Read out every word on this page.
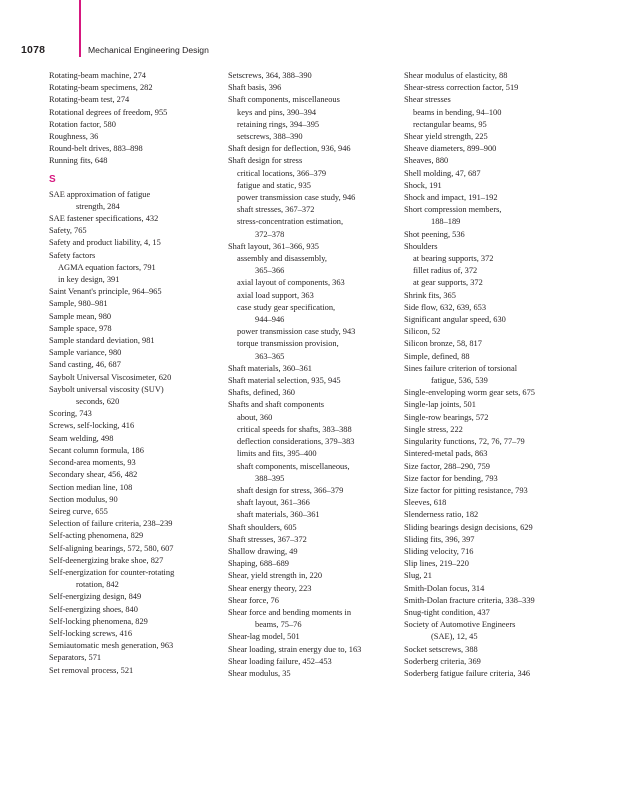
1078	Mechanical Engineering Design
Rotating-beam machine, 274
Rotating-beam specimens, 282
Rotating-beam test, 274
Rotational degrees of freedom, 955
Rotation factor, 580
Roughness, 36
Round-belt drives, 883–898
Running fits, 648
S
SAE approximation of fatigue
strength, 284
SAE fastener specifications, 432
Safety, 765
Safety and product liability, 4, 15
Safety factors
AGMA equation factors, 791
in key design, 391
Saint Venant's principle, 964–965
Sample, 980–981
Sample mean, 980
Sample space, 978
Sample standard deviation, 981
Sample variance, 980
Sand casting, 46, 687
Saybolt Universal Viscosimeter, 620
Saybolt universal viscosity (SUV)
seconds, 620
Scoring, 743
Screws, self-locking, 416
Seam welding, 498
Secant column formula, 186
Second-area moments, 93
Secondary shear, 456, 482
Section median line, 108
Section modulus, 90
Seireg curve, 655
Selection of failure criteria, 238–239
Self-acting phenomena, 829
Self-aligning bearings, 572, 580, 607
Self-deenergizing brake shoe, 827
Self-energization for counter-rotating
rotation, 842
Self-energizing design, 849
Self-energizing shoes, 840
Self-locking phenomena, 829
Self-locking screws, 416
Semiautomatic mesh generation, 963
Separators, 571
Set removal process, 521
Setscrews, 364, 388–390
Shaft basis, 396
Shaft components, miscellaneous
keys and pins, 390–394
retaining rings, 394–395
setscrews, 388–390
Shaft design for deflection, 936, 946
Shaft design for stress
critical locations, 366–379
fatigue and static, 935
power transmission case study, 946
shaft stresses, 367–372
stress-concentration estimation,
372–378
Shaft layout, 361–366, 935
assembly and disassembly,
365–366
axial layout of components, 363
axial load support, 363
case study gear specification,
944–946
power transmission case study, 943
torque transmission provision,
363–365
Shaft materials, 360–361
Shaft material selection, 935, 945
Shafts, defined, 360
Shafts and shaft components
about, 360
critical speeds for shafts, 383–388
deflection considerations, 379–383
limits and fits, 395–400
shaft components, miscellaneous,
388–395
shaft design for stress, 366–379
shaft layout, 361–366
shaft materials, 360–361
Shaft shoulders, 605
Shaft stresses, 367–372
Shallow drawing, 49
Shaping, 688–689
Shear, yield strength in, 220
Shear energy theory, 223
Shear force, 76
Shear force and bending moments in
beams, 75–76
Shear-lag model, 501
Shear loading, strain energy due to, 163
Shear loading failure, 452–453
Shear modulus, 35
Shear modulus of elasticity, 88
Shear-stress correction factor, 519
Shear stresses
beams in bending, 94–100
rectangular beams, 95
Shear yield strength, 225
Sheave diameters, 899–900
Sheaves, 880
Shell molding, 47, 687
Shock, 191
Shock and impact, 191–192
Short compression members,
188–189
Shot peening, 536
Shoulders
at bearing supports, 372
fillet radius of, 372
at gear supports, 372
Shrink fits, 365
Side flow, 632, 639, 653
Significant angular speed, 630
Silicon, 52
Silicon bronze, 58, 817
Simple, defined, 88
Sines failure criterion of torsional
fatigue, 536, 539
Single-enveloping worm gear sets, 675
Single-lap joints, 501
Single-row bearings, 572
Single stress, 222
Singularity functions, 72, 76, 77–79
Sintered-metal pads, 863
Size factor, 288–290, 759
Size factor for bending, 793
Size factor for pitting resistance, 793
Sleeves, 618
Slenderness ratio, 182
Sliding bearings design decisions, 629
Sliding fits, 396, 397
Sliding velocity, 716
Slip lines, 219–220
Slug, 21
Smith-Dolan focus, 314
Smith-Dolan fracture criteria, 338–339
Snug-tight condition, 437
Society of Automotive Engineers
(SAE), 12, 45
Socket setscrews, 388
Soderberg criteria, 369
Soderberg fatigue failure criteria, 346
